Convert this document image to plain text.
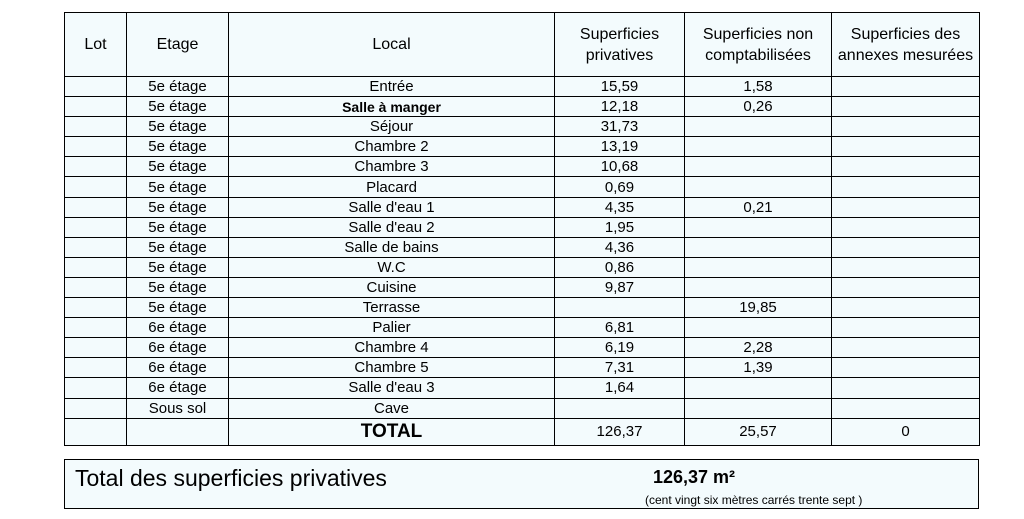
Lot	Etage	Local	Superficies privatives	Superficies non comptabilisées	Superficies des annexes mesurées
	5e étage	Entrée	15,59	1,58	
	5e étage	Salle à manger	12,18	0,26	
	5e étage	Séjour	31,73		
	5e étage	Chambre 2	13,19		
	5e étage	Chambre 3	10,68		
	5e étage	Placard	0,69		
	5e étage	Salle d'eau 1	4,35	0,21	
	5e étage	Salle d'eau 2	1,95		
	5e étage	Salle de bains	4,36		
	5e étage	W.C	0,86		
	5e étage	Cuisine	9,87		
	5e étage	Terrasse		19,85	
	6e étage	Palier	6,81		
	6e étage	Chambre 4	6,19	2,28	
	6e étage	Chambre 5	7,31	1,39	
	6e étage	Salle d'eau 3	1,64		
	Sous sol	Cave			
		TOTAL	126,37	25,57	0
Total des superficies privatives	126,37 m²
(cent vingt six mètres carrés trente sept )
